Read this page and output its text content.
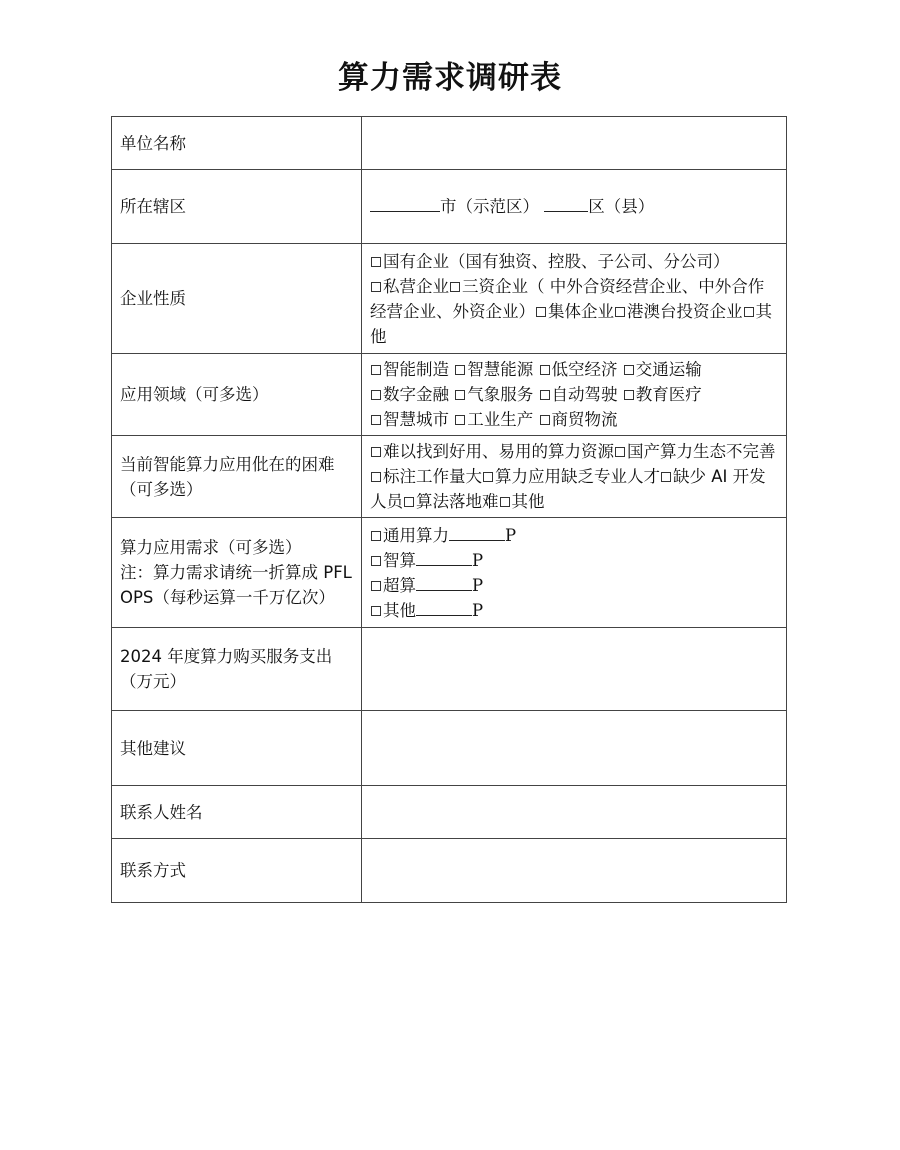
算力需求调研表
单位名称	
所在辖区	市（示范区） 区（县）
企业性质	国有企业（国有独资、控股、子公司、分公司）
私营企业 三资企业（ 中外合资经营企业、中外合作经营企业、外资企业） 集体企业 港澳台投资企业 其他

应用领域（可多选）	智能制造 智慧能源 低空经济 交通运输
数字金融 气象服务 自动驾驶 教育医疗
智慧城市 工业生产 商贸物流

当前智能算力应用仳在的困难（可多选）	难以找到好用、易用的算力资源 国产算力生态不完善标注工作量大 算力应用缺乏专业人才 缺少 AI 开发人员 算法落地难 其他

算力应用需求（可多选）
注：算力需求请统一折算成 PFLOPS（每秒运算一千万亿次）	通用算力 P
智算 P
超算 P
其他 P

2024 年度算力购买服务支出（万元）	
其他建议	
联系人姓名	
联系方式	
